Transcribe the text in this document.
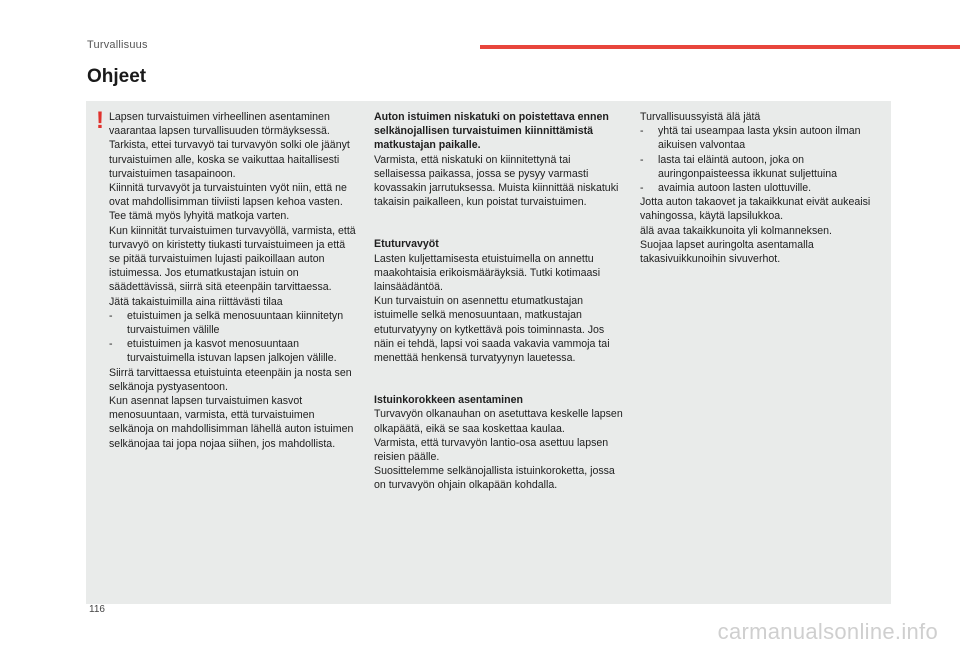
Turvallisuus
Ohjeet
! Lapsen turvaistuimen virheellinen asentaminen vaarantaa lapsen turvallisuuden törmäyksessä.

Tarkista, ettei turvavyö tai turvavyön solki ole jäänyt turvaistuimen alle, koska se vaikuttaa haitallisesti turvaistuimen tasapainoon.

Kiinnitä turvavyöt ja turvaistuinten vyöt niin, että ne ovat mahdollisimman tiiviisti lapsen kehoa vasten. Tee tämä myös lyhyitä matkoja varten.

Kun kiinnität turvaistuimen turvavyöllä, varmista, että turvavyö on kiristetty tiukasti turvaistuimeen ja että se pitää turvaistuimen lujasti paikoillaan auton istuimessa. Jos etumatkustajan istuin on säädettävissä, siirrä sitä eteenpäin tarvittaessa.

Jätä takaistuimilla aina riittävästi tilaa

-	etuistuimen ja selkä menosuuntaan kiinnitetyn turvaistuimen välille
-	etuistuimen ja kasvot menosuuntaan turvaistuimella istuvan lapsen jalkojen välille.

Siirrä tarvittaessa etuistuinta eteenpäin ja nosta sen selkänoja pystyasentoon.

Kun asennat lapsen turvaistuimen kasvot menosuuntaan, varmista, että turvaistuimen selkänoja on mahdollisimman lähellä auton istuimen selkänojaa tai jopa nojaa siihen, jos mahdollista.

Auton istuimen niskatuki on poistettava ennen selkänojallisen turvaistuimen kiinnittämistä matkustajan paikalle.

Varmista, että niskatuki on kiinnitettynä tai sellaisessa paikassa, jossa se pysyy varmasti kovassakin jarrutuksessa. Muista kiinnittää niskatuki takaisin paikalleen, kun poistat turvaistuimen.

Etuturvavyöt

Lasten kuljettamisesta etuistuimella on annettu maakohtaisia erikoismääräyksiä. Tutki kotimaasi lainsäädäntöä.

Kun turvaistuin on asennettu etumatkustajan istuimelle selkä menosuuntaan, matkustajan etuturvatyyny on kytkettävä pois toiminnasta. Jos näin ei tehdä, lapsi voi saada vakavia vammoja tai menettää henkensä turvatyynyn lauetessa.

Istuinkorokkeen asentaminen

Turvavyön olkanauhan on asetuttava keskelle lapsen olkapäätä, eikä se saa koskettaa kaulaa.

Varmista, että turvavyön lantio-osa asettuu lapsen reisien päälle.

Suosittelemme selkänojallista istuinkoroketta, jossa on turvavyön ohjain olkapään kohdalla.

Turvallisuussyistä älä jätä

-	yhtä tai useampaa lasta yksin autoon ilman aikuisen valvontaa
-	lasta tai eläintä autoon, joka on auringonpaisteessa ikkunat suljettuina
-	avaimia autoon lasten ulottuville.

Jotta auton takaovet ja takaikkunat eivät aukeaisi vahingossa, käytä lapsilukkoa.

älä avaa takaikkunoita yli kolmanneksen.

Suojaa lapset auringolta asentamalla takasivuikkunoihin sivuverhot.

116
carmanualsonline.info
